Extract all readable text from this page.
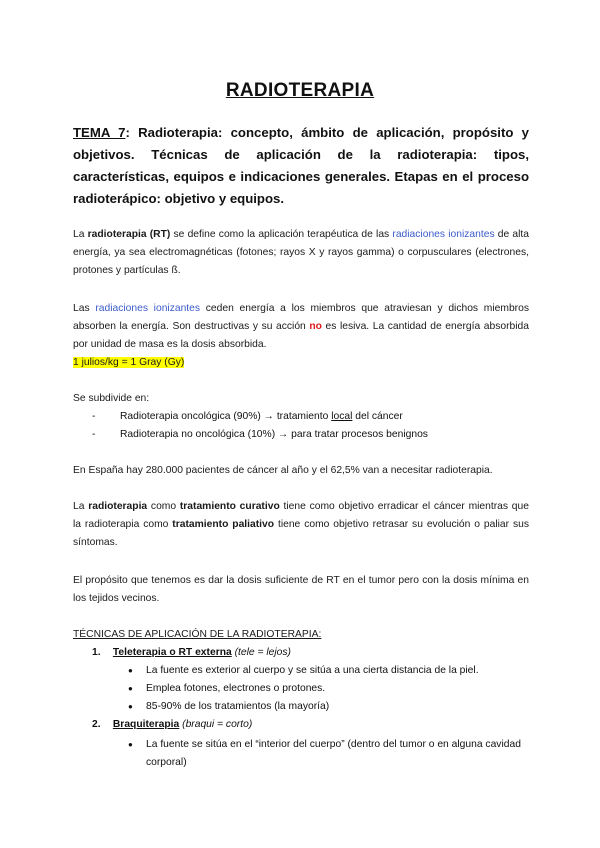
RADIOTERAPIA
TEMA 7: Radioterapia: concepto, ámbito de aplicación, propósito y objetivos. Técnicas de aplicación de la radioterapia: tipos, características, equipos e indicaciones generales. Etapas en el proceso radioterápico: objetivo y equipos.
La radioterapia (RT) se define como la aplicación terapéutica de las radiaciones ionizantes de alta energía, ya sea electromagnéticas (fotones; rayos X y rayos gamma) o corpusculares (electrones, protones y partículas ß.
Las radiaciones ionizantes ceden energía a los miembros que atraviesan y dichos miembros absorben la energía. Son destructivas y su acción no es lesiva. La cantidad de energía absorbida por unidad de masa es la dosis absorbida.
1 julios/kg = 1 Gray (Gy)
Se subdivide en:
-	Radioterapia oncológica (90%) → tratamiento local del cáncer
-	Radioterapia no oncológica (10%) → para tratar procesos benignos
En España hay 280.000 pacientes de cáncer al año y el 62,5% van a necesitar radioterapia.
La radioterapia como tratamiento curativo tiene como objetivo erradicar el cáncer mientras que la radioterapia como tratamiento paliativo tiene como objetivo retrasar su evolución o paliar sus síntomas.
El propósito que tenemos es dar la dosis suficiente de RT en el tumor pero con la dosis mínima en los tejidos vecinos.
TÉCNICAS DE APLICACIÓN DE LA RADIOTERAPIA:
1. Teleterapia o RT externa (tele = lejos)
●	La fuente es exterior al cuerpo y se sitúa a una cierta distancia de la piel.
●	Emplea fotones, electrones o protones.
●	85-90% de los tratamientos (la mayoría)
2. Braquiterapia (braqui = corto)
●	La fuente se sitúa en el “interior del cuerpo” (dentro del tumor o en alguna cavidad corporal)
